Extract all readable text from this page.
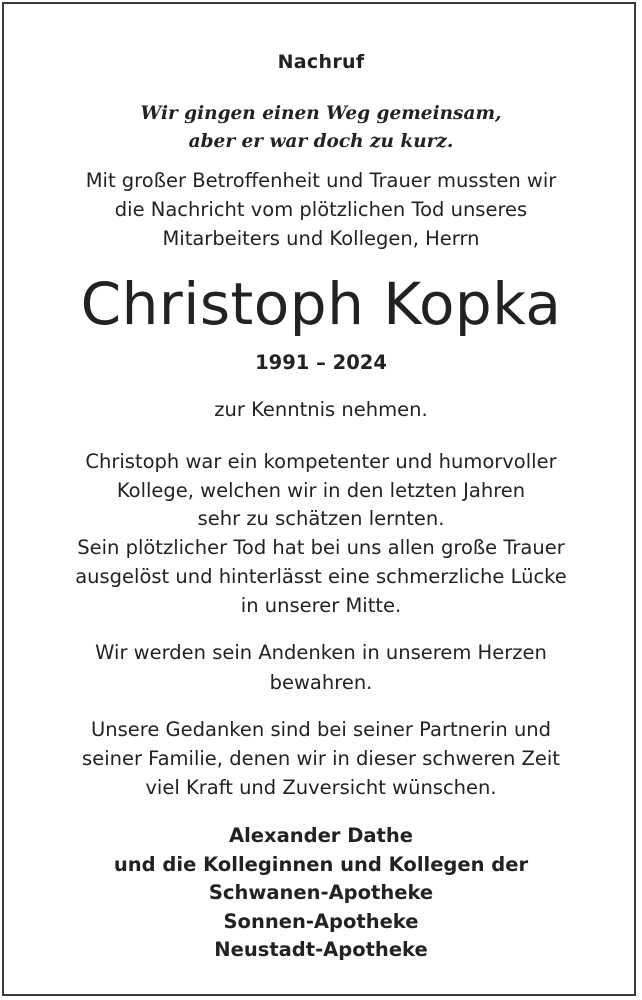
Nachruf
Wir gingen einen Weg gemeinsam,
aber er war doch zu kurz.
Mit großer Betroffenheit und Trauer mussten wir
die Nachricht vom plötzlichen Tod unseres
Mitarbeiters und Kollegen, Herrn
Christoph Kopka
1991 – 2024
zur Kenntnis nehmen.
Christoph war ein kompetenter und humorvoller
Kollege, welchen wir in den letzten Jahren
sehr zu schätzen lernten.
Sein plötzlicher Tod hat bei uns allen große Trauer
ausgelöst und hinterlässt eine schmerzliche Lücke
in unserer Mitte.
Wir werden sein Andenken in unserem Herzen
bewahren.
Unsere Gedanken sind bei seiner Partnerin und
seiner Familie, denen wir in dieser schweren Zeit
viel Kraft und Zuversicht wünschen.
Alexander Dathe
und die Kolleginnen und Kollegen der
Schwanen-Apotheke
Sonnen-Apotheke
Neustadt-Apotheke
